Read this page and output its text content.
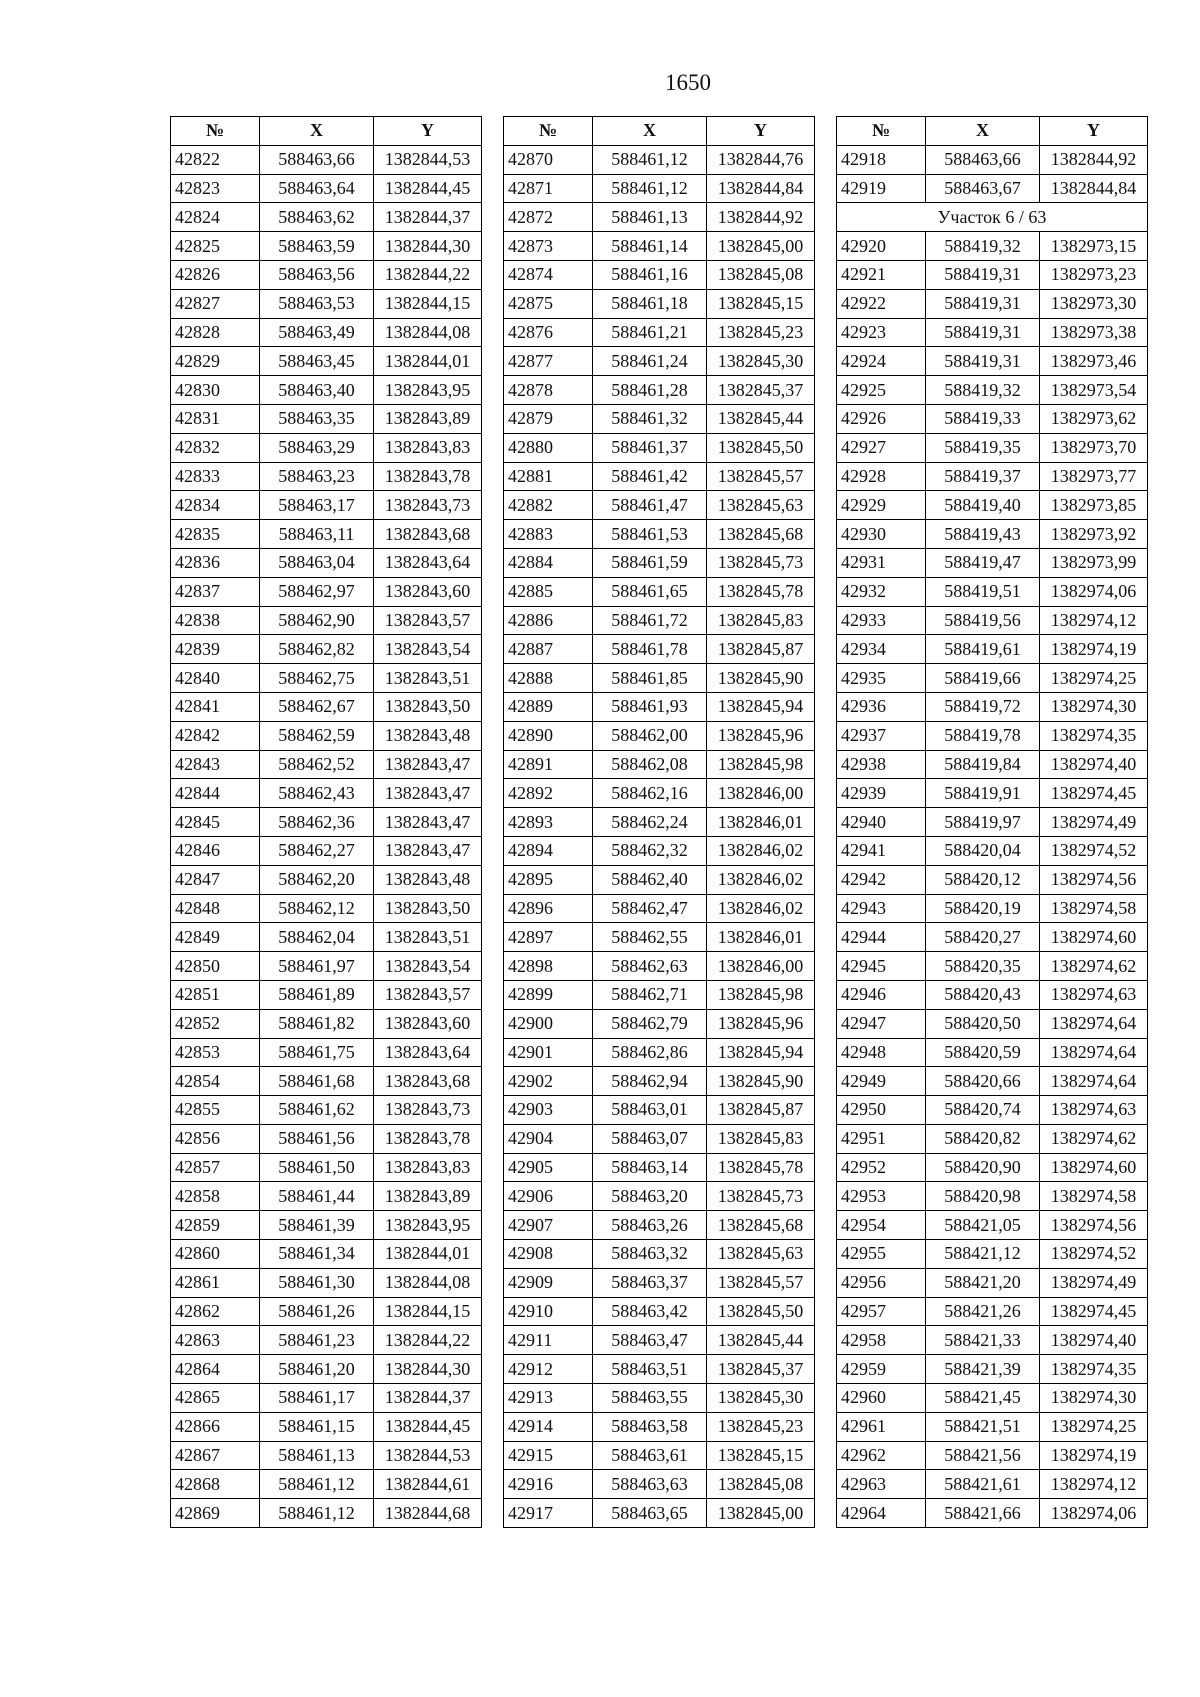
1650
№	X	Y
42822	588463,66	1382844,53
42823	588463,64	1382844,45
42824	588463,62	1382844,37
42825	588463,59	1382844,30
42826	588463,56	1382844,22
42827	588463,53	1382844,15
42828	588463,49	1382844,08
42829	588463,45	1382844,01
42830	588463,40	1382843,95
42831	588463,35	1382843,89
42832	588463,29	1382843,83
42833	588463,23	1382843,78
42834	588463,17	1382843,73
42835	588463,11	1382843,68
42836	588463,04	1382843,64
42837	588462,97	1382843,60
42838	588462,90	1382843,57
42839	588462,82	1382843,54
42840	588462,75	1382843,51
42841	588462,67	1382843,50
42842	588462,59	1382843,48
42843	588462,52	1382843,47
42844	588462,43	1382843,47
42845	588462,36	1382843,47
42846	588462,27	1382843,47
42847	588462,20	1382843,48
42848	588462,12	1382843,50
42849	588462,04	1382843,51
42850	588461,97	1382843,54
42851	588461,89	1382843,57
42852	588461,82	1382843,60
42853	588461,75	1382843,64
42854	588461,68	1382843,68
42855	588461,62	1382843,73
42856	588461,56	1382843,78
42857	588461,50	1382843,83
42858	588461,44	1382843,89
42859	588461,39	1382843,95
42860	588461,34	1382844,01
42861	588461,30	1382844,08
42862	588461,26	1382844,15
42863	588461,23	1382844,22
42864	588461,20	1382844,30
42865	588461,17	1382844,37
42866	588461,15	1382844,45
42867	588461,13	1382844,53
42868	588461,12	1382844,61
42869	588461,12	1382844,68
№	X	Y
42870	588461,12	1382844,76
42871	588461,12	1382844,84
42872	588461,13	1382844,92
42873	588461,14	1382845,00
42874	588461,16	1382845,08
42875	588461,18	1382845,15
42876	588461,21	1382845,23
42877	588461,24	1382845,30
42878	588461,28	1382845,37
42879	588461,32	1382845,44
42880	588461,37	1382845,50
42881	588461,42	1382845,57
42882	588461,47	1382845,63
42883	588461,53	1382845,68
42884	588461,59	1382845,73
42885	588461,65	1382845,78
42886	588461,72	1382845,83
42887	588461,78	1382845,87
42888	588461,85	1382845,90
42889	588461,93	1382845,94
42890	588462,00	1382845,96
42891	588462,08	1382845,98
42892	588462,16	1382846,00
42893	588462,24	1382846,01
42894	588462,32	1382846,02
42895	588462,40	1382846,02
42896	588462,47	1382846,02
42897	588462,55	1382846,01
42898	588462,63	1382846,00
42899	588462,71	1382845,98
42900	588462,79	1382845,96
42901	588462,86	1382845,94
42902	588462,94	1382845,90
42903	588463,01	1382845,87
42904	588463,07	1382845,83
42905	588463,14	1382845,78
42906	588463,20	1382845,73
42907	588463,26	1382845,68
42908	588463,32	1382845,63
42909	588463,37	1382845,57
42910	588463,42	1382845,50
42911	588463,47	1382845,44
42912	588463,51	1382845,37
42913	588463,55	1382845,30
42914	588463,58	1382845,23
42915	588463,61	1382845,15
42916	588463,63	1382845,08
42917	588463,65	1382845,00
№	X	Y
42918	588463,66	1382844,92
42919	588463,67	1382844,84
Участок 6 / 63		
42920	588419,32	1382973,15
42921	588419,31	1382973,23
42922	588419,31	1382973,30
42923	588419,31	1382973,38
42924	588419,31	1382973,46
42925	588419,32	1382973,54
42926	588419,33	1382973,62
42927	588419,35	1382973,70
42928	588419,37	1382973,77
42929	588419,40	1382973,85
42930	588419,43	1382973,92
42931	588419,47	1382973,99
42932	588419,51	1382974,06
42933	588419,56	1382974,12
42934	588419,61	1382974,19
42935	588419,66	1382974,25
42936	588419,72	1382974,30
42937	588419,78	1382974,35
42938	588419,84	1382974,40
42939	588419,91	1382974,45
42940	588419,97	1382974,49
42941	588420,04	1382974,52
42942	588420,12	1382974,56
42943	588420,19	1382974,58
42944	588420,27	1382974,60
42945	588420,35	1382974,62
42946	588420,43	1382974,63
42947	588420,50	1382974,64
42948	588420,59	1382974,64
42949	588420,66	1382974,64
42950	588420,74	1382974,63
42951	588420,82	1382974,62
42952	588420,90	1382974,60
42953	588420,98	1382974,58
42954	588421,05	1382974,56
42955	588421,12	1382974,52
42956	588421,20	1382974,49
42957	588421,26	1382974,45
42958	588421,33	1382974,40
42959	588421,39	1382974,35
42960	588421,45	1382974,30
42961	588421,51	1382974,25
42962	588421,56	1382974,19
42963	588421,61	1382974,12
42964	588421,66	1382974,06
